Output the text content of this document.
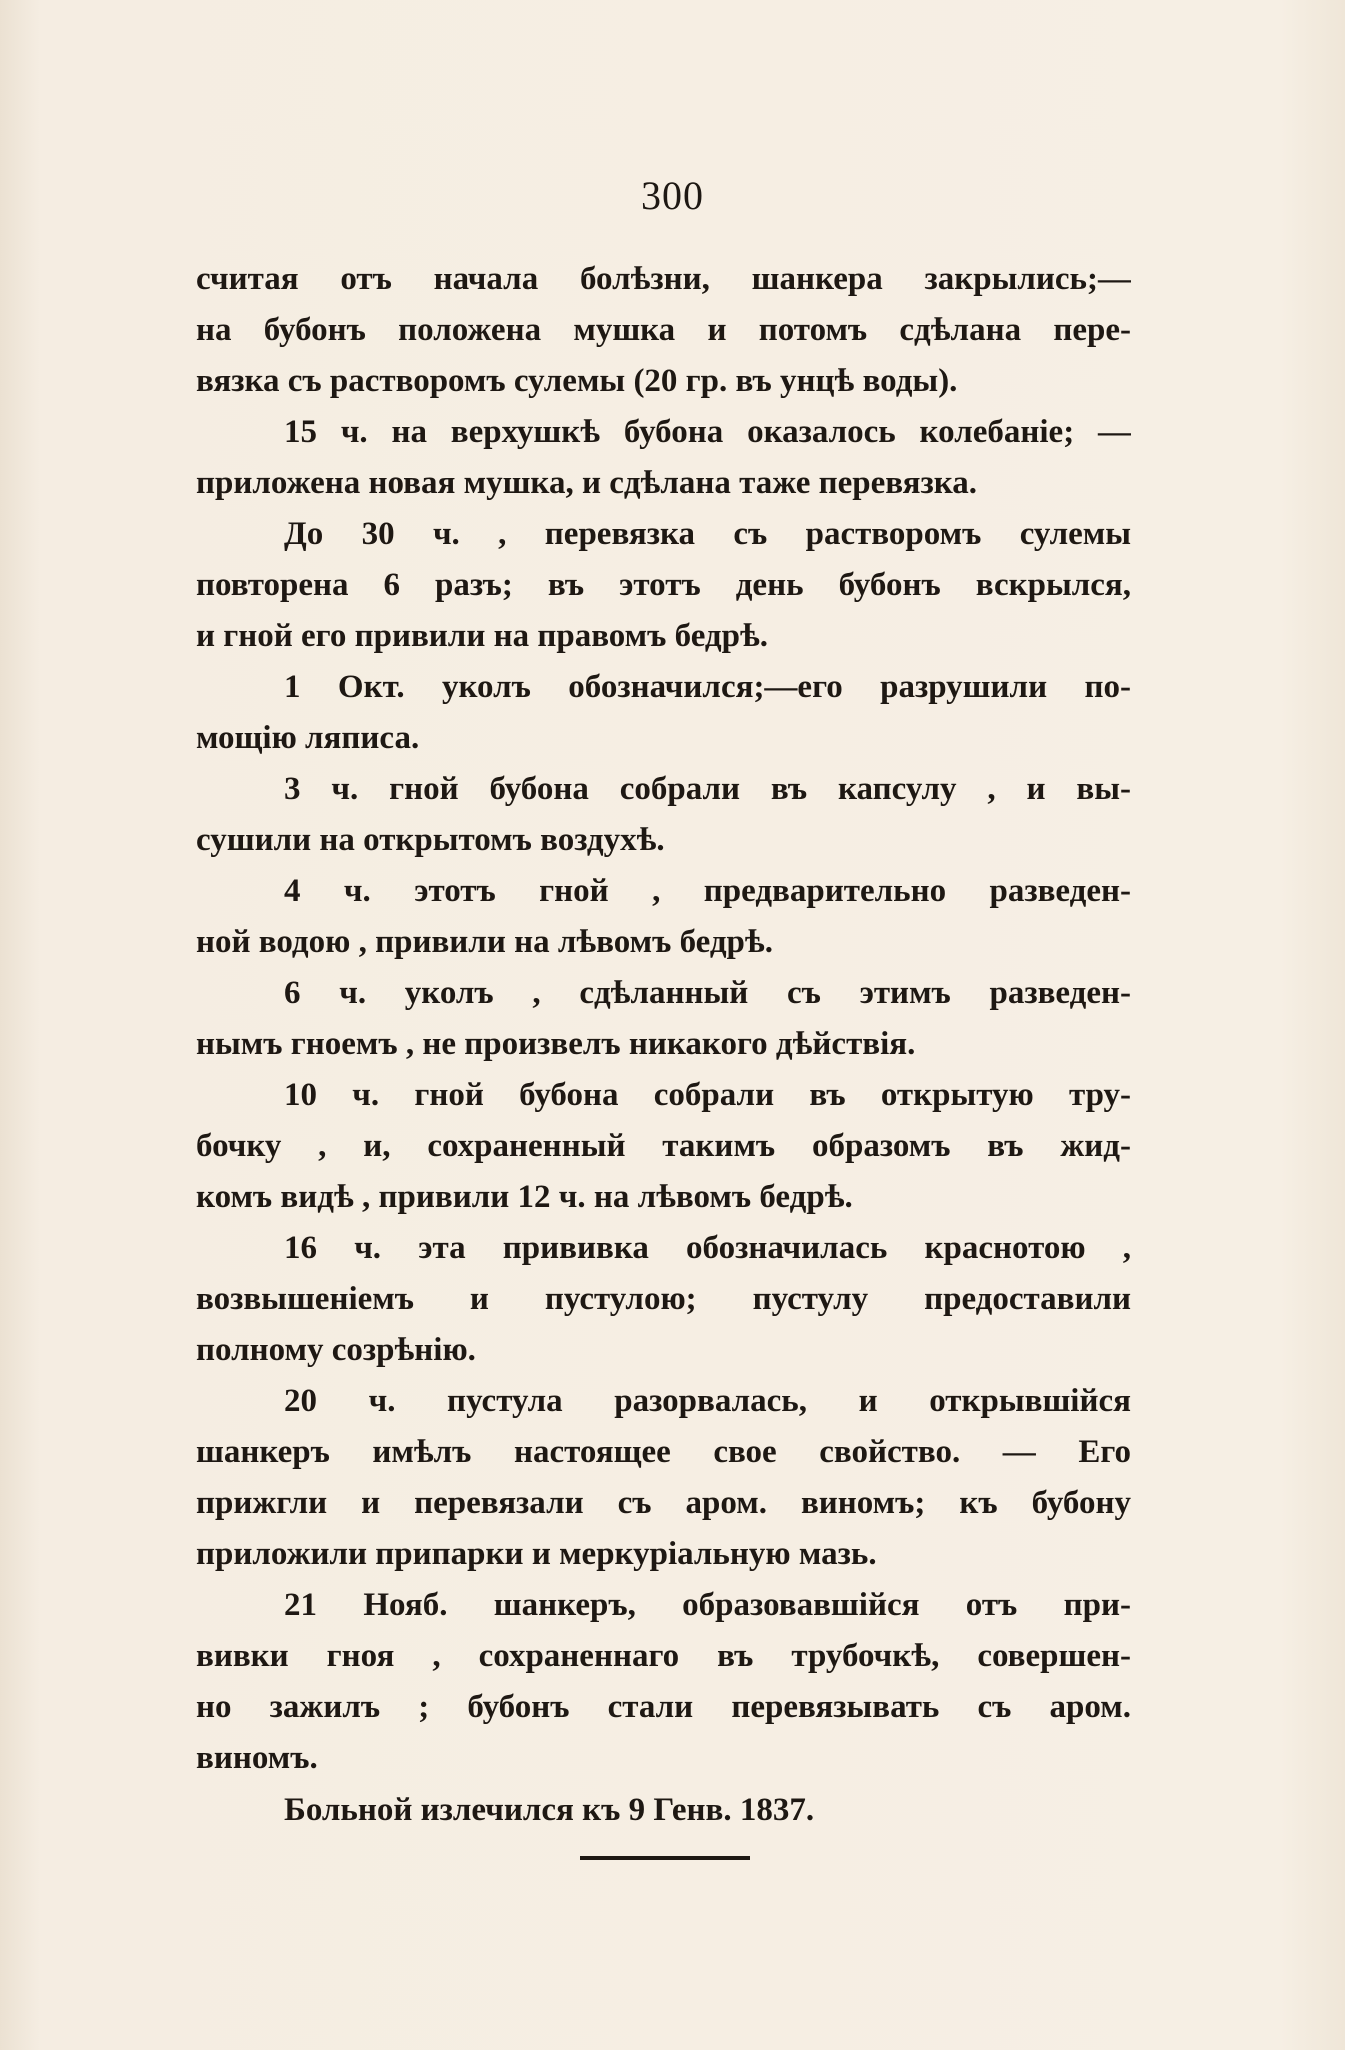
300
считая отъ начала болѣзни, шанкера закрылись;—
на бубонъ положена мушка и потомъ сдѣлана пере-
вязка съ растворомъ сулемы (20 гр. въ унцѣ воды).
15 ч. на верхушкѣ бубона оказалось колебаніе; —
приложена новая мушка, и сдѣлана таже перевязка.
До 30 ч. , перевязка съ растворомъ сулемы
повторена 6 разъ; въ этотъ день бубонъ вскрылся,
и гной его привили на правомъ бедрѣ.
1 Окт. уколъ обозначился;—его разрушили по-
мощію ляписа.
3 ч. гной бубона собрали въ капсулу , и вы-
сушили на открытомъ воздухѣ.
4 ч. этотъ гной , предварительно разведен-
ной водою , привили на лѣвомъ бедрѣ.
6 ч. уколъ , сдѣланный съ этимъ разведен-
нымъ гноемъ , не произвелъ никакого дѣйствія.
10 ч. гной бубона собрали въ открытую тру-
бочку , и, сохраненный такимъ образомъ въ жид-
комъ видѣ , привили 12 ч. на лѣвомъ бедрѣ.
16 ч. эта прививка обозначилась краснотою ,
возвышеніемъ и пустулою; пустулу предоставили
полному созрѣнію.
20 ч. пустула разорвалась, и открывшійся
шанкеръ имѣлъ настоящее свое свойство. — Его
прижгли и перевязали съ аром. виномъ; къ бубону
приложили припарки и меркуріальную мазь.
21 Нояб. шанкеръ, образовавшійся отъ при-
вивки гноя , сохраненнаго въ трубочкѣ, совершен-
но зажилъ ; бубонъ стали перевязывать съ аром.
виномъ.
Больной излечился къ 9 Генв. 1837.
